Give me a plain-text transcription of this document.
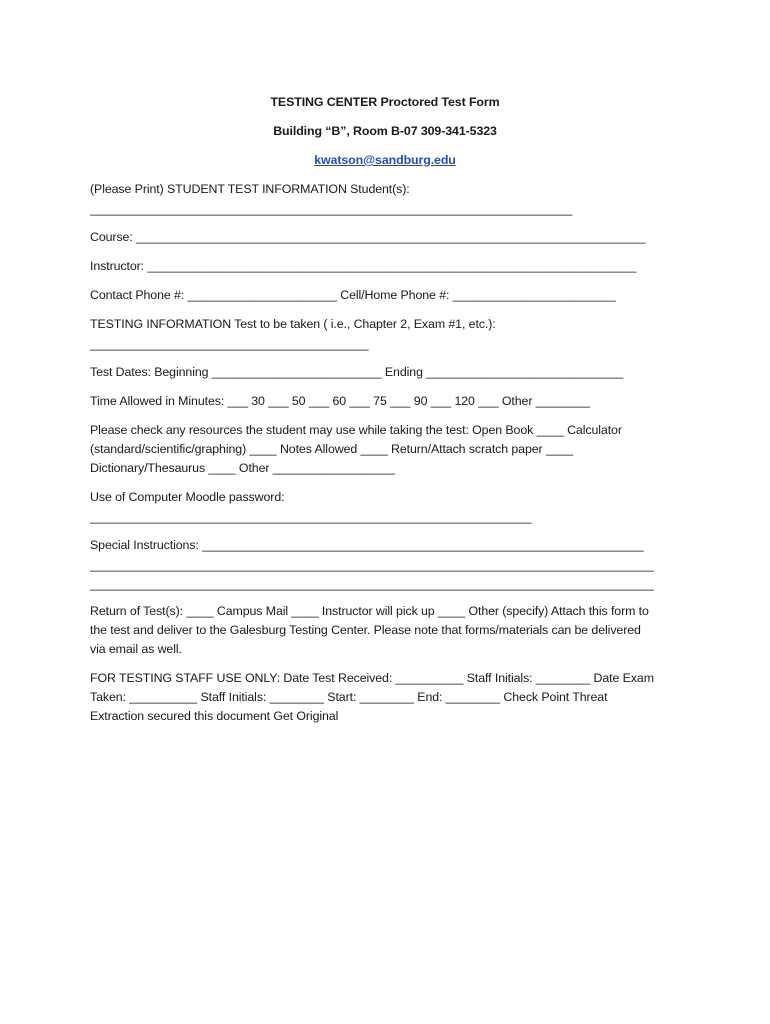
TESTING CENTER Proctored Test Form
Building “B”, Room B-07 309-341-5323
kwatson@sandburg.edu
(Please Print) STUDENT TEST INFORMATION Student(s):
_______________________________________________________________________
Course: ___________________________________________________________________________
Instructor: ________________________________________________________________________
Contact Phone #: ______________________ Cell/Home Phone #: ________________________
TESTING INFORMATION Test to be taken ( i.e., Chapter 2, Exam #1, etc.):
_________________________________________
Test Dates: Beginning _________________________ Ending _____________________________
Time Allowed in Minutes: ___ 30 ___ 50 ___ 60 ___ 75 ___ 90 ___ 120 ___ Other ________
Please check any resources the student may use while taking the test: Open Book ____ Calculator
(standard/scientific/graphing) ____ Notes Allowed ____ Return/Attach scratch paper ____
Dictionary/Thesaurus ____ Other __________________
Use of Computer Moodle password:
_________________________________________________________________
Special Instructions: _________________________________________________________________
___________________________________________________________________________________
___________________________________________________________________________________
Return of Test(s): ____ Campus Mail ____ Instructor will pick up ____ Other (specify) Attach this form to
the test and deliver to the Galesburg Testing Center. Please note that forms/materials can be delivered
via email as well.
FOR TESTING STAFF USE ONLY: Date Test Received: __________ Staff Initials: ________ Date Exam
Taken: __________ Staff Initials: ________ Start: ________ End: ________ Check Point Threat
Extraction secured this document Get Original
